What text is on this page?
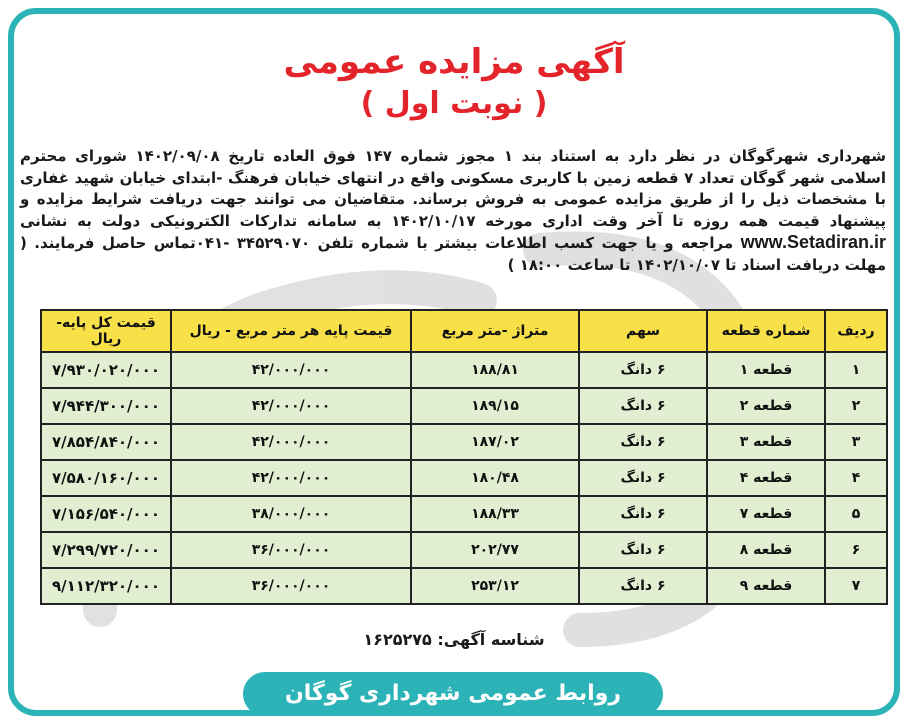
آگهی مزایده عمومی
( نوبت اول )
شهرداری شهرگوگان در نظر دارد به استناد بند ۱ مجوز شماره ۱۴۷ فوق العاده تاریخ ۱۴۰۲/۰۹/۰۸ شورای محترم اسلامی شهر گوگان تعداد ۷ قطعه زمین با کاربری مسکونی واقع در انتهای خیابان فرهنگ -ابتدای خیابان شهید غفاری با مشخصات ذیل را از طریق مزایده عمومی به فروش برساند. متقاضیان می توانند جهت دریافت شرایط مزایده و پیشنهاد قیمت همه روزه تا آخر وقت اداری مورخه ۱۴۰۲/۱۰/۱۷ به سامانه تدارکات الکترونیکی دولت به نشانی www.Setadiran.ir مراجعه و یا جهت کسب اطلاعات بیشتر با شماره تلفن ۳۴۵۲۹۰۷۰ -۰۴۱تماس حاصل فرمایند. ( مهلت دریافت اسناد تا ۱۴۰۲/۱۰/۰۷ تا ساعت ۱۸:۰۰ )
ردیف	شماره قطعه	سهم	متراژ -متر مربع	قیمت پایه هر متر مربع - ریال	قیمت کل پایه- ریال
۱	قطعه ۱	۶ دانگ	۱۸۸/۸۱	۴۲/۰۰۰/۰۰۰	۷/۹۳۰/۰۲۰/۰۰۰
۲	قطعه ۲	۶ دانگ	۱۸۹/۱۵	۴۲/۰۰۰/۰۰۰	۷/۹۴۴/۳۰۰/۰۰۰
۳	قطعه ۳	۶ دانگ	۱۸۷/۰۲	۴۲/۰۰۰/۰۰۰	۷/۸۵۴/۸۴۰/۰۰۰
۴	قطعه ۴	۶ دانگ	۱۸۰/۴۸	۴۲/۰۰۰/۰۰۰	۷/۵۸۰/۱۶۰/۰۰۰
۵	قطعه ۷	۶ دانگ	۱۸۸/۳۳	۳۸/۰۰۰/۰۰۰	۷/۱۵۶/۵۴۰/۰۰۰
۶	قطعه ۸	۶ دانگ	۲۰۲/۷۷	۳۶/۰۰۰/۰۰۰	۷/۲۹۹/۷۲۰/۰۰۰
۷	قطعه ۹	۶ دانگ	۲۵۳/۱۲	۳۶/۰۰۰/۰۰۰	۹/۱۱۲/۳۲۰/۰۰۰
شناسه آگهی: ۱۶۲۵۲۷۵
روابط عمومی شهرداری گوگان
